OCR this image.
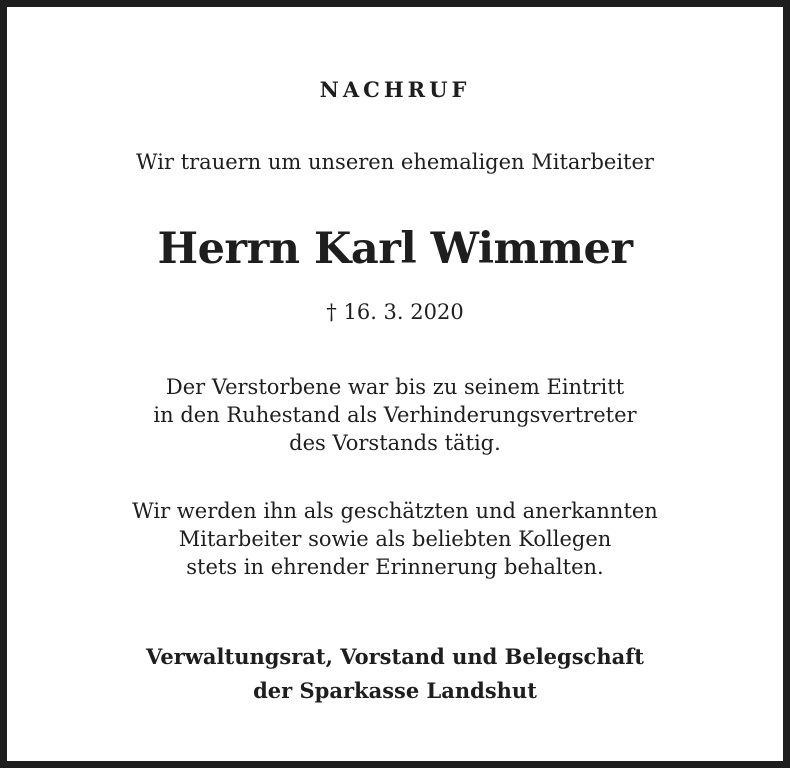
NACHRUF
Wir trauern um unseren ehemaligen Mitarbeiter
Herrn Karl Wimmer
† 16. 3. 2020
Der Verstorbene war bis zu seinem Eintritt
in den Ruhestand als Verhinderungsvertreter
des Vorstands tätig.
Wir werden ihn als geschätzten und anerkannten
Mitarbeiter sowie als beliebten Kollegen
stets in ehrender Erinnerung behalten.
Verwaltungsrat, Vorstand und Belegschaft
der Sparkasse Landshut
